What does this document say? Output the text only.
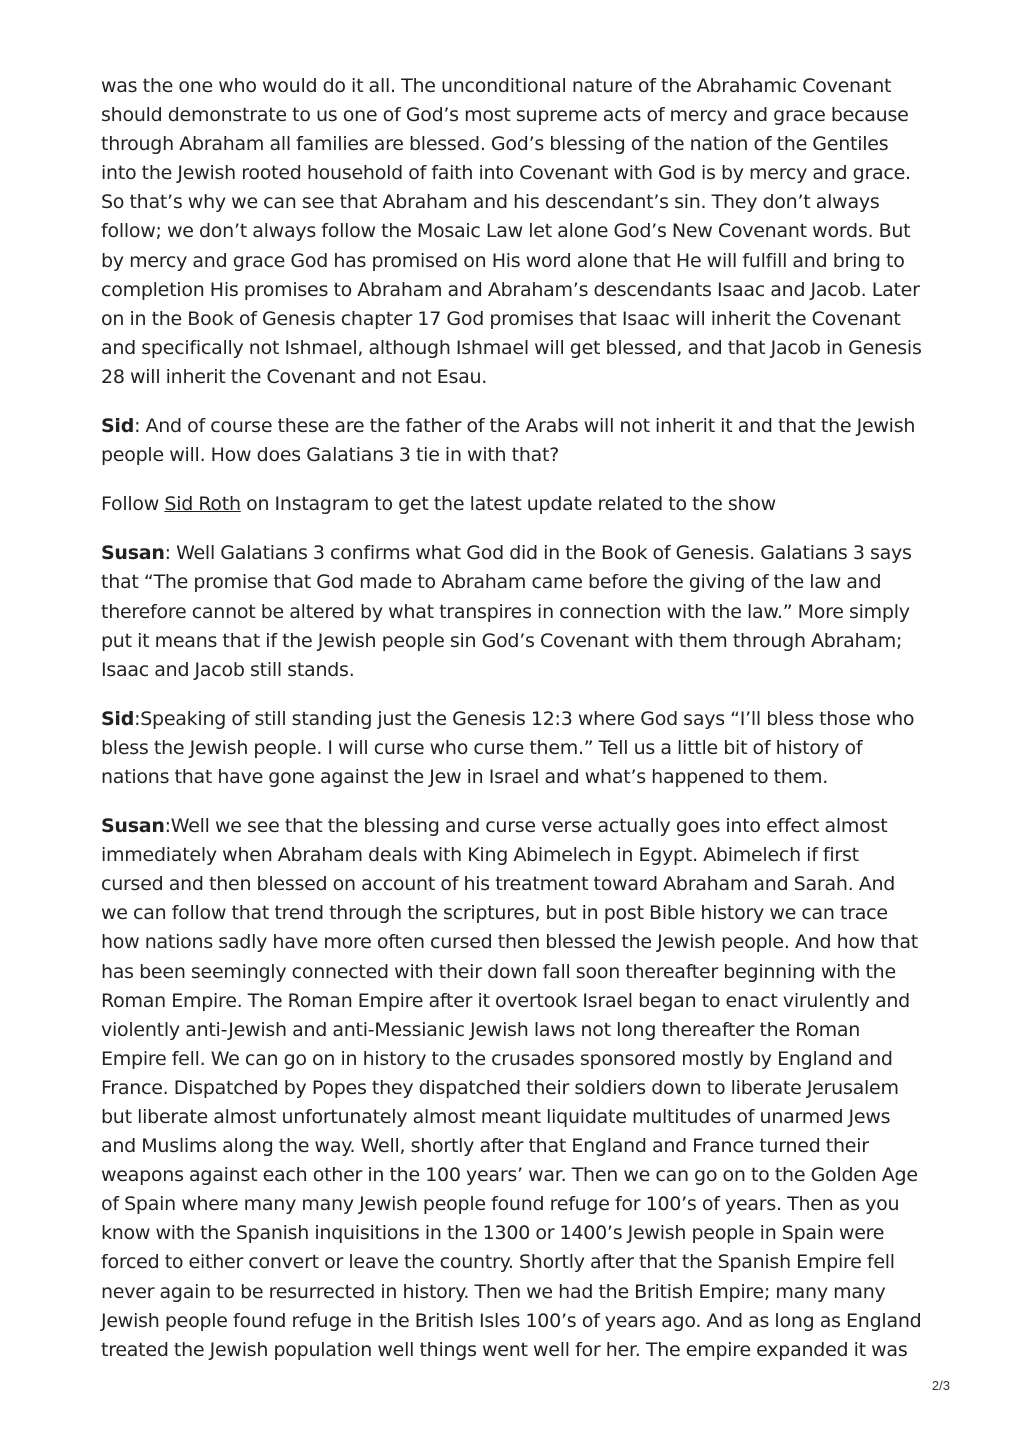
was the one who would do it all. The unconditional nature of the Abrahamic Covenant should demonstrate to us one of God’s most supreme acts of mercy and grace because through Abraham all families are blessed. God’s blessing of the nation of the Gentiles into the Jewish rooted household of faith into Covenant with God is by mercy and grace. So that’s why we can see that Abraham and his descendant’s sin. They don’t always follow; we don’t always follow the Mosaic Law let alone God’s New Covenant words. But by mercy and grace God has promised on His word alone that He will fulfill and bring to completion His promises to Abraham and Abraham’s descendants Isaac and Jacob. Later on in the Book of Genesis chapter 17 God promises that Isaac will inherit the Covenant and specifically not Ishmael, although Ishmael will get blessed, and that Jacob in Genesis 28 will inherit the Covenant and not Esau.

Sid: And of course these are the father of the Arabs will not inherit it and that the Jewish people will. How does Galatians 3 tie in with that?

Follow Sid Roth on Instagram to get the latest update related to the show

Susan: Well Galatians 3 confirms what God did in the Book of Genesis. Galatians 3 says that “The promise that God made to Abraham came before the giving of the law and therefore cannot be altered by what transpires in connection with the law.” More simply put it means that if the Jewish people sin God’s Covenant with them through Abraham; Isaac and Jacob still stands.

Sid:Speaking of still standing just the Genesis 12:3 where God says “I’ll bless those who bless the Jewish people. I will curse who curse them.” Tell us a little bit of history of nations that have gone against the Jew in Israel and what’s happened to them.

Susan:Well we see that the blessing and curse verse actually goes into effect almost immediately when Abraham deals with King Abimelech in Egypt. Abimelech if first cursed and then blessed on account of his treatment toward Abraham and Sarah. And we can follow that trend through the scriptures, but in post Bible history we can trace how nations sadly have more often cursed then blessed the Jewish people. And how that has been seemingly connected with their down fall soon thereafter beginning with the Roman Empire. The Roman Empire after it overtook Israel began to enact virulently and violently anti-Jewish and anti-Messianic Jewish laws not long thereafter the Roman Empire fell. We can go on in history to the crusades sponsored mostly by England and France. Dispatched by Popes they dispatched their soldiers down to liberate Jerusalem but liberate almost unfortunately almost meant liquidate multitudes of unarmed Jews and Muslims along the way. Well, shortly after that England and France turned their weapons against each other in the 100 years’ war. Then we can go on to the Golden Age of Spain where many many Jewish people found refuge for 100’s of years. Then as you know with the Spanish inquisitions in the 1300 or 1400’s Jewish people in Spain were forced to either convert or leave the country. Shortly after that the Spanish Empire fell never again to be resurrected in history. Then we had the British Empire; many many Jewish people found refuge in the British Isles 100’s of years ago. And as long as England treated the Jewish population well things went well for her. The empire expanded it was

2/3
